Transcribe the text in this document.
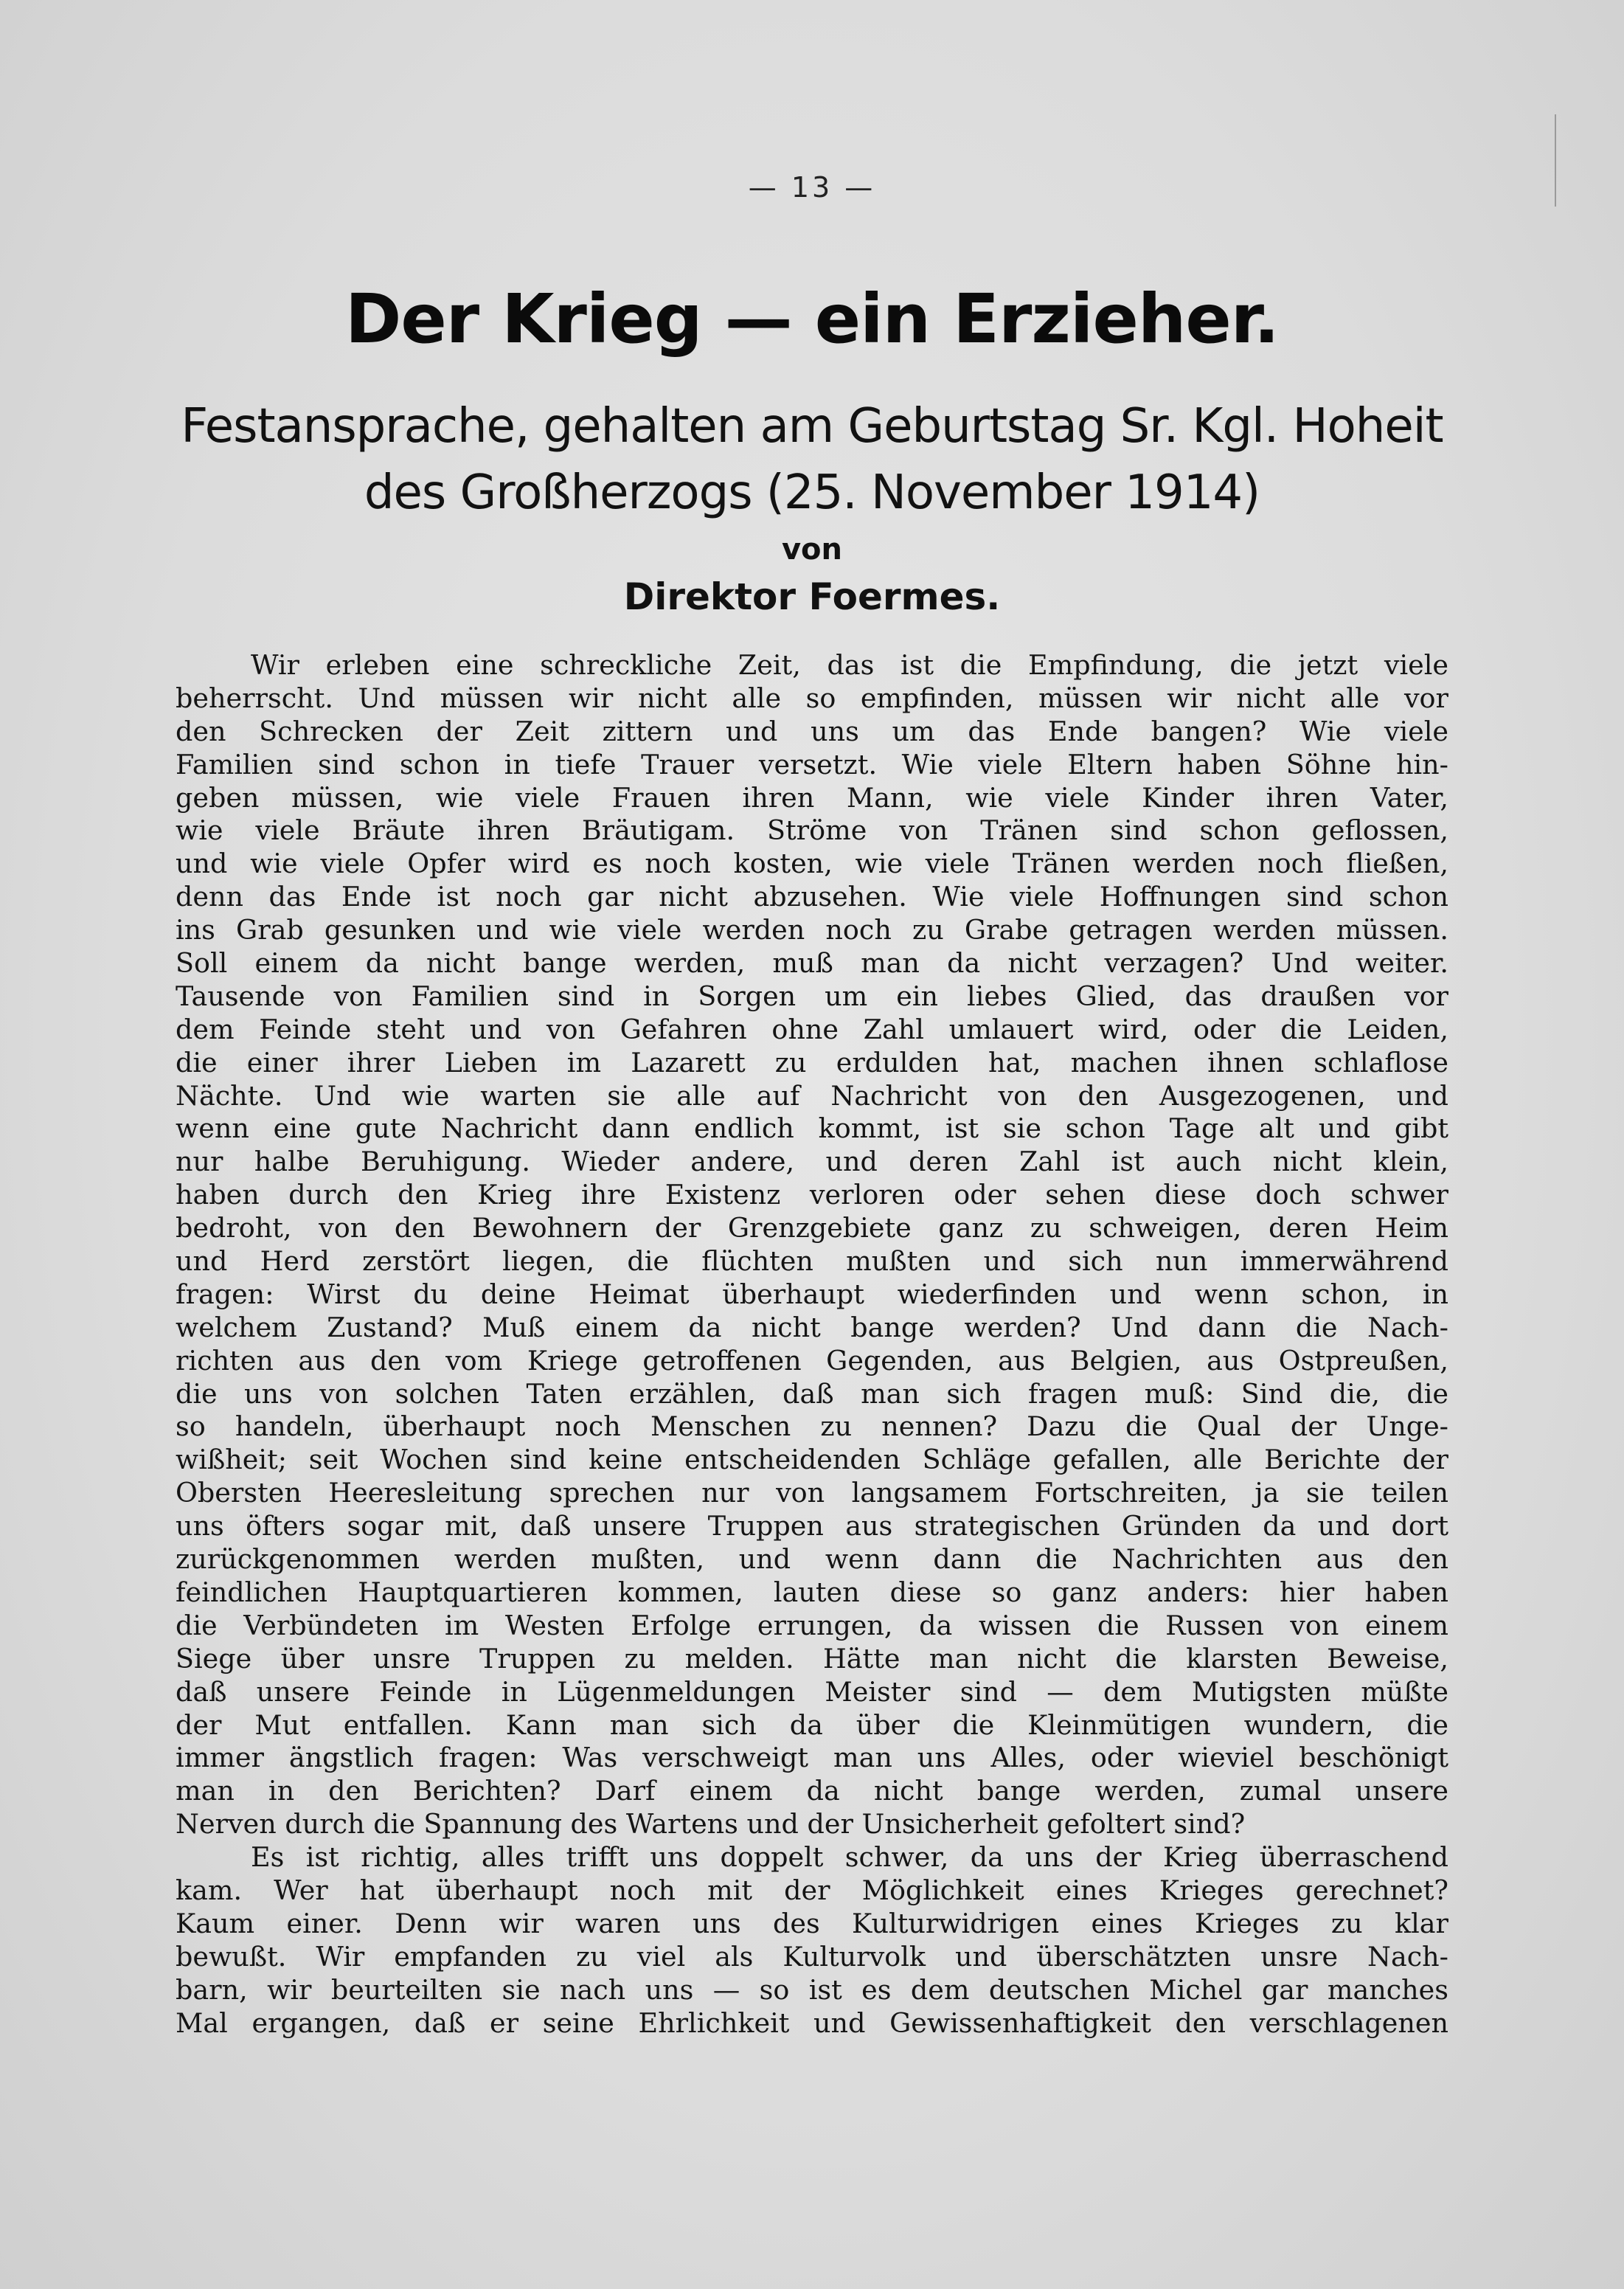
— 13 —
Der Krieg — ein Erzieher.
Festansprache, gehalten am Geburtstag Sr. Kgl. Hoheit
des Großherzogs (25. November 1914)
von
Direktor Foermes.
Wir erleben eine schreckliche Zeit, das ist die Empfindung, die jetzt viele
beherrscht. Und müssen wir nicht alle so empfinden, müssen wir nicht alle vor
den Schrecken der Zeit zittern und uns um das Ende bangen? Wie viele
Familien sind schon in tiefe Trauer versetzt. Wie viele Eltern haben Söhne hin-
geben müssen, wie viele Frauen ihren Mann, wie viele Kinder ihren Vater,
wie viele Bräute ihren Bräutigam. Ströme von Tränen sind schon geflossen,
und wie viele Opfer wird es noch kosten, wie viele Tränen werden noch fließen,
denn das Ende ist noch gar nicht abzusehen. Wie viele Hoffnungen sind schon
ins Grab gesunken und wie viele werden noch zu Grabe getragen werden müssen.
Soll einem da nicht bange werden, muß man da nicht verzagen? Und weiter.
Tausende von Familien sind in Sorgen um ein liebes Glied, das draußen vor
dem Feinde steht und von Gefahren ohne Zahl umlauert wird, oder die Leiden,
die einer ihrer Lieben im Lazarett zu erdulden hat, machen ihnen schlaflose
Nächte. Und wie warten sie alle auf Nachricht von den Ausgezogenen, und
wenn eine gute Nachricht dann endlich kommt, ist sie schon Tage alt und gibt
nur halbe Beruhigung. Wieder andere, und deren Zahl ist auch nicht klein,
haben durch den Krieg ihre Existenz verloren oder sehen diese doch schwer
bedroht, von den Bewohnern der Grenzgebiete ganz zu schweigen, deren Heim
und Herd zerstört liegen, die flüchten mußten und sich nun immerwährend
fragen: Wirst du deine Heimat überhaupt wiederfinden und wenn schon, in
welchem Zustand? Muß einem da nicht bange werden? Und dann die Nach-
richten aus den vom Kriege getroffenen Gegenden, aus Belgien, aus Ostpreußen,
die uns von solchen Taten erzählen, daß man sich fragen muß: Sind die, die
so handeln, überhaupt noch Menschen zu nennen? Dazu die Qual der Unge-
wißheit; seit Wochen sind keine entscheidenden Schläge gefallen, alle Berichte der
Obersten Heeresleitung sprechen nur von langsamem Fortschreiten, ja sie teilen
uns öfters sogar mit, daß unsere Truppen aus strategischen Gründen da und dort
zurückgenommen werden mußten, und wenn dann die Nachrichten aus den
feindlichen Hauptquartieren kommen, lauten diese so ganz anders: hier haben
die Verbündeten im Westen Erfolge errungen, da wissen die Russen von einem
Siege über unsre Truppen zu melden. Hätte man nicht die klarsten Beweise,
daß unsere Feinde in Lügenmeldungen Meister sind — dem Mutigsten müßte
der Mut entfallen. Kann man sich da über die Kleinmütigen wundern, die
immer ängstlich fragen: Was verschweigt man uns Alles, oder wieviel beschönigt
man in den Berichten? Darf einem da nicht bange werden, zumal unsere
Nerven durch die Spannung des Wartens und der Unsicherheit gefoltert sind?
Es ist richtig, alles trifft uns doppelt schwer, da uns der Krieg überraschend
kam. Wer hat überhaupt noch mit der Möglichkeit eines Krieges gerechnet?
Kaum einer. Denn wir waren uns des Kulturwidrigen eines Krieges zu klar
bewußt. Wir empfanden zu viel als Kulturvolk und überschätzten unsre Nach-
barn, wir beurteilten sie nach uns — so ist es dem deutschen Michel gar manches
Mal ergangen, daß er seine Ehrlichkeit und Gewissenhaftigkeit den verschlagenen
